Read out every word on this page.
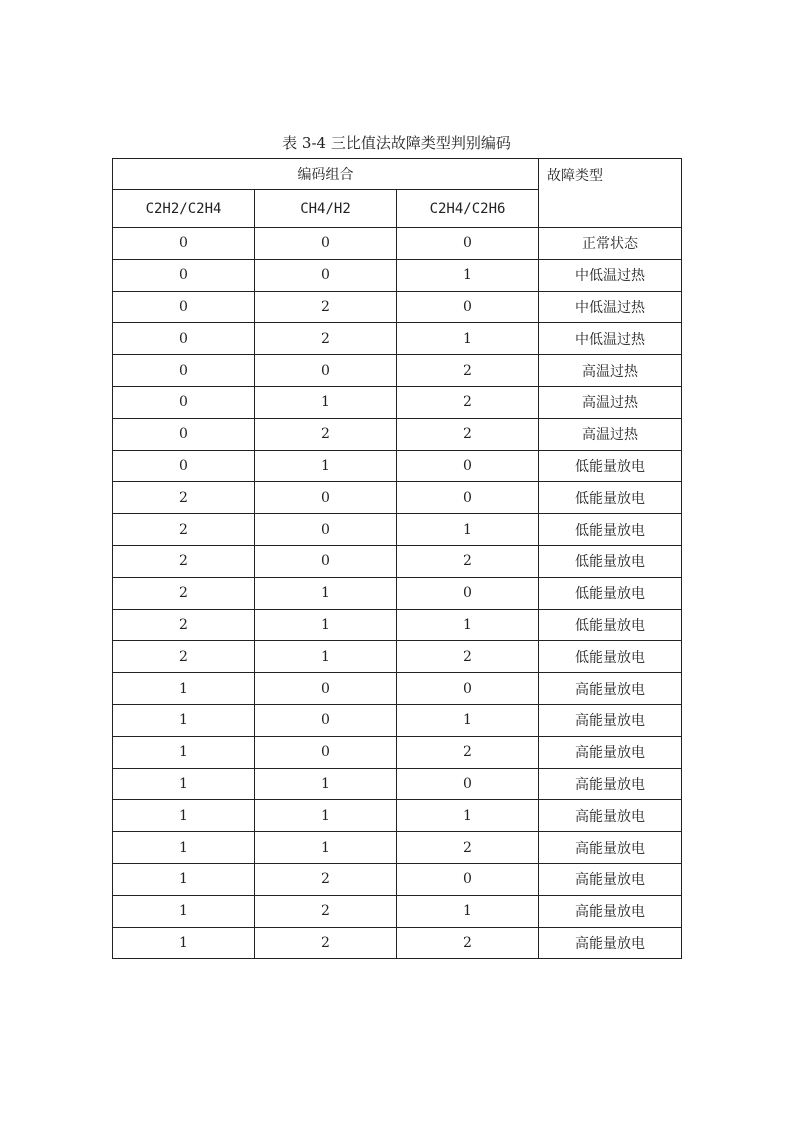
表 3-4 三比值法故障类型判别编码
编码组合			故障类型
C2H2/C2H4	CH4/H2	C2H4/C2H6	
0	0	0	正常状态
0	0	1	中低温过热
0	2	0	中低温过热
0	2	1	中低温过热
0	0	2	高温过热
0	1	2	高温过热
0	2	2	高温过热
0	1	0	低能量放电
2	0	0	低能量放电
2	0	1	低能量放电
2	0	2	低能量放电
2	1	0	低能量放电
2	1	1	低能量放电
2	1	2	低能量放电
1	0	0	高能量放电
1	0	1	高能量放电
1	0	2	高能量放电
1	1	0	高能量放电
1	1	1	高能量放电
1	1	2	高能量放电
1	2	0	高能量放电
1	2	1	高能量放电
1	2	2	高能量放电
